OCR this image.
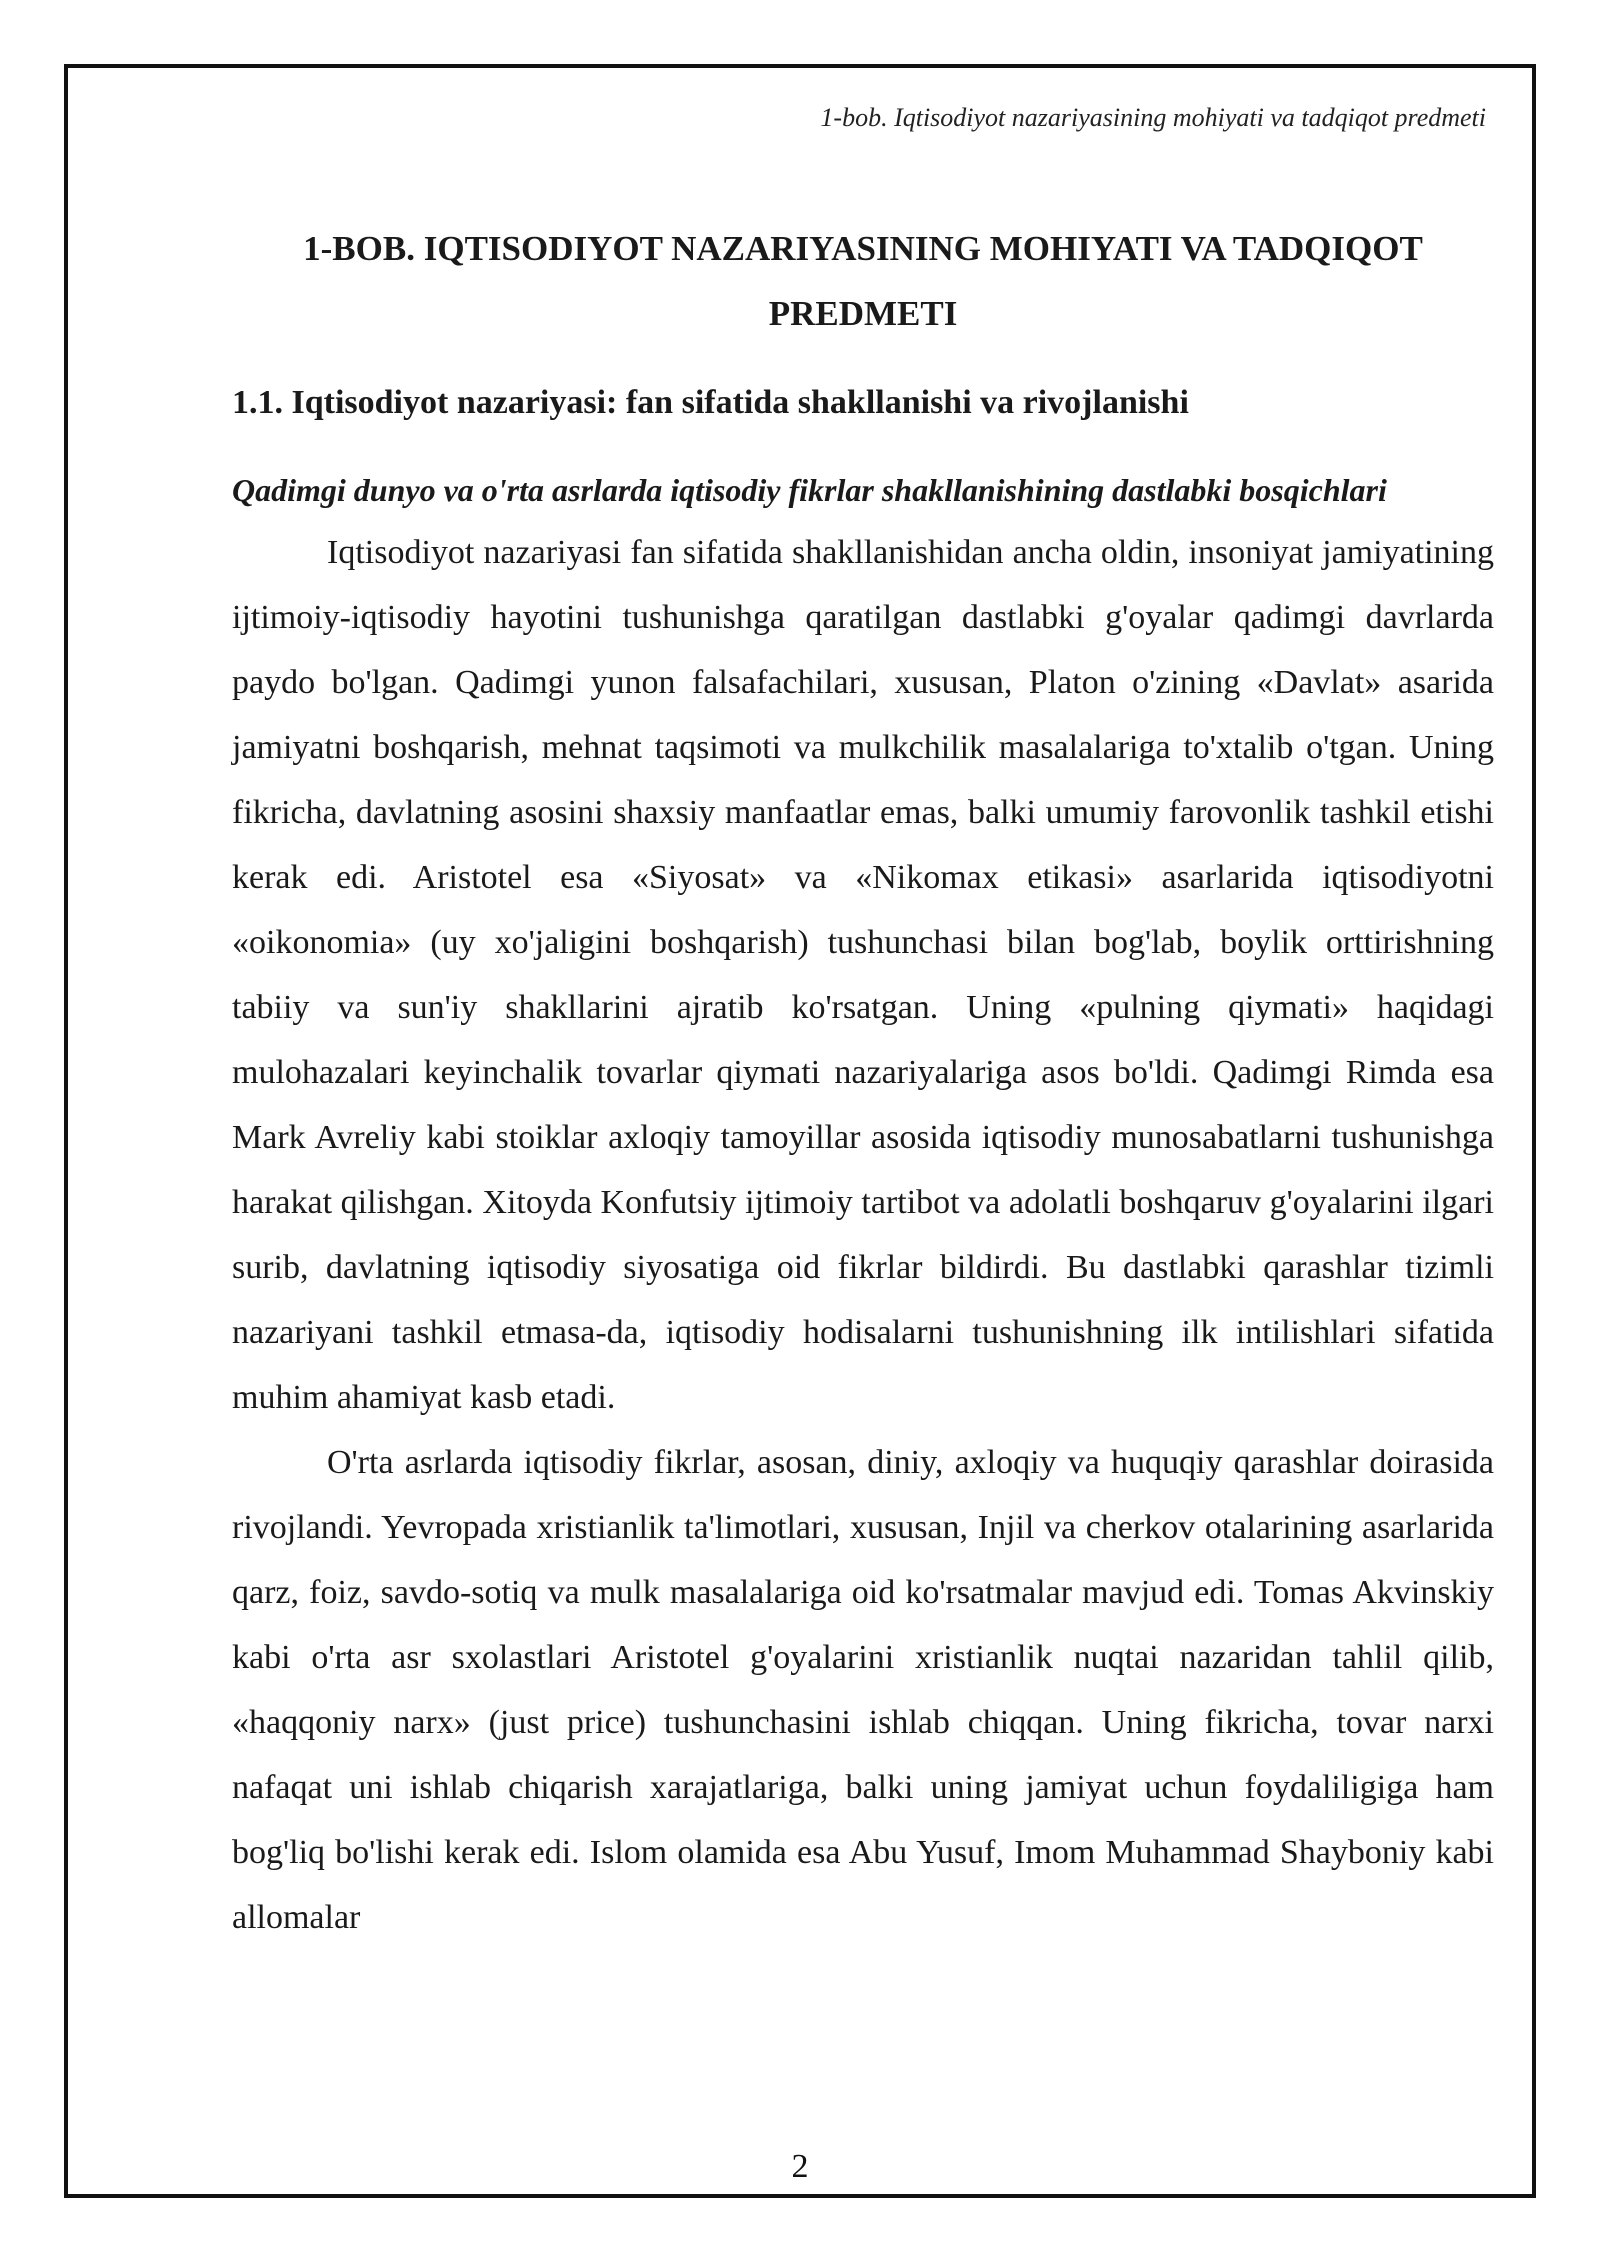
1-bob. Iqtisodiyot nazariyasining mohiyati va tadqiqot predmeti
1-BOB. IQTISODIYOT NAZARIYASINING MOHIYATI VA TADQIQOT PREDMETI
1.1. Iqtisodiyot nazariyasi: fan sifatida shakllanishi va rivojlanishi
Qadimgi dunyo va o'rta asrlarda iqtisodiy fikrlar shakllanishining dastlabki bosqichlari

Iqtisodiyot nazariyasi fan sifatida shakllanishidan ancha oldin, insoniyat jamiyatining ijtimoiy-iqtisodiy hayotini tushunishga qaratilgan dastlabki g'oyalar qadimgi davrlarda paydo bo'lgan. Qadimgi yunon falsafachilari, xususan, Platon o'zining «Davlat» asarida jamiyatni boshqarish, mehnat taqsimoti va mulkchilik masalalariga to'xtalib o'tgan. Uning fikricha, davlatning asosini shaxsiy manfaatlar emas, balki umumiy farovonlik tashkil etishi kerak edi. Aristotel esa «Siyosat» va «Nikomax etikasi» asarlarida iqtisodiyotni «oikonomia» (uy xo'jaligini boshqarish) tushunchasi bilan bog'lab, boylik orttirishning tabiiy va sun'iy shakllarini ajratib ko'rsatgan. Uning «pulning qiymati» haqidagi mulohazalari keyinchalik tovarlar qiymati nazariyalariga asos bo'ldi. Qadimgi Rimda esa Mark Avreliy kabi stoiklar axloqiy tamoyillar asosida iqtisodiy munosabatlarni tushunishga harakat qilishgan. Xitoyda Konfutsiy ijtimoiy tartibot va adolatli boshqaruv g'oyalarini ilgari surib, davlatning iqtisodiy siyosatiga oid fikrlar bildirdi. Bu dastlabki qarashlar tizimli nazariyani tashkil etmasa-da, iqtisodiy hodisalarni tushunishning ilk intilishlari sifatida muhim ahamiyat kasb etadi.

O'rta asrlarda iqtisodiy fikrlar, asosan, diniy, axloqiy va huquqiy qarashlar doirasida rivojlandi. Yevropada xristianlik ta'limotlari, xususan, Injil va cherkov otalarining asarlarida qarz, foiz, savdo-sotiq va mulk masalalariga oid ko'rsatmalar mavjud edi. Tomas Akvinskiy kabi o'rta asr sxolastlari Aristotel g'oyalarini xristianlik nuqtai nazaridan tahlil qilib, «haqqoniy narx» (just price) tushunchasini ishlab chiqqan. Uning fikricha, tovar narxi nafaqat uni ishlab chiqarish xarajatlariga, balki uning jamiyat uchun foydaliligiga ham bog'liq bo'lishi kerak edi. Islom olamida esa Abu Yusuf, Imom Muhammad Shayboniy kabi allomalar

2
